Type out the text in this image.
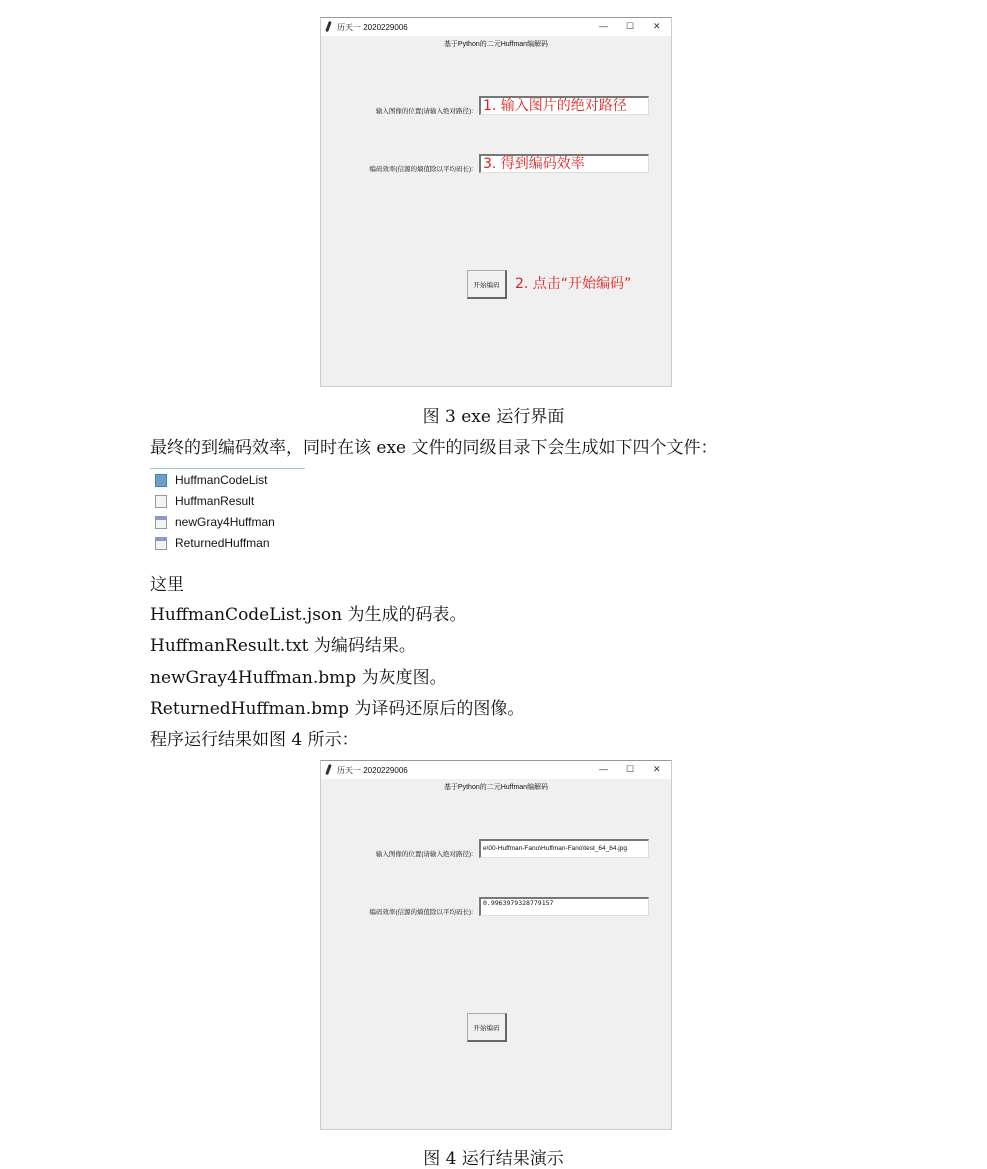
历天一 2020229006	— ☐ ✕
基于Python的二元Huffman编解码
输入图像的位置(请输入绝对路径): 1. 输入图片的绝对路径
编码效率(信源的熵值除以平均码长): 3. 得到编码效率
开始编码	2. 点击“开始编码”
图 3 exe 运行界面
最终的到编码效率，同时在该 exe 文件的同级目录下会生成如下四个文件：
HuffmanCodeList
HuffmanResult
newGray4Huffman
ReturnedHuffman
这里
HuffmanCodeList.json 为生成的码表。
HuffmanResult.txt 为编码结果。
newGray4Huffman.bmp 为灰度图。
ReturnedHuffman.bmp 为译码还原后的图像。
程序运行结果如图 4 所示：
历天一 2020229006	— ☐ ✕
基于Python的二元Huffman编解码
输入图像的位置(请输入绝对路径):
e\00-Huffman-Fano\Huffman-Fano\test_64_64.jpg
编码效率(信源的熵值除以平均码长):
0.9963979328779157
开始编码
图 4 运行结果演示
